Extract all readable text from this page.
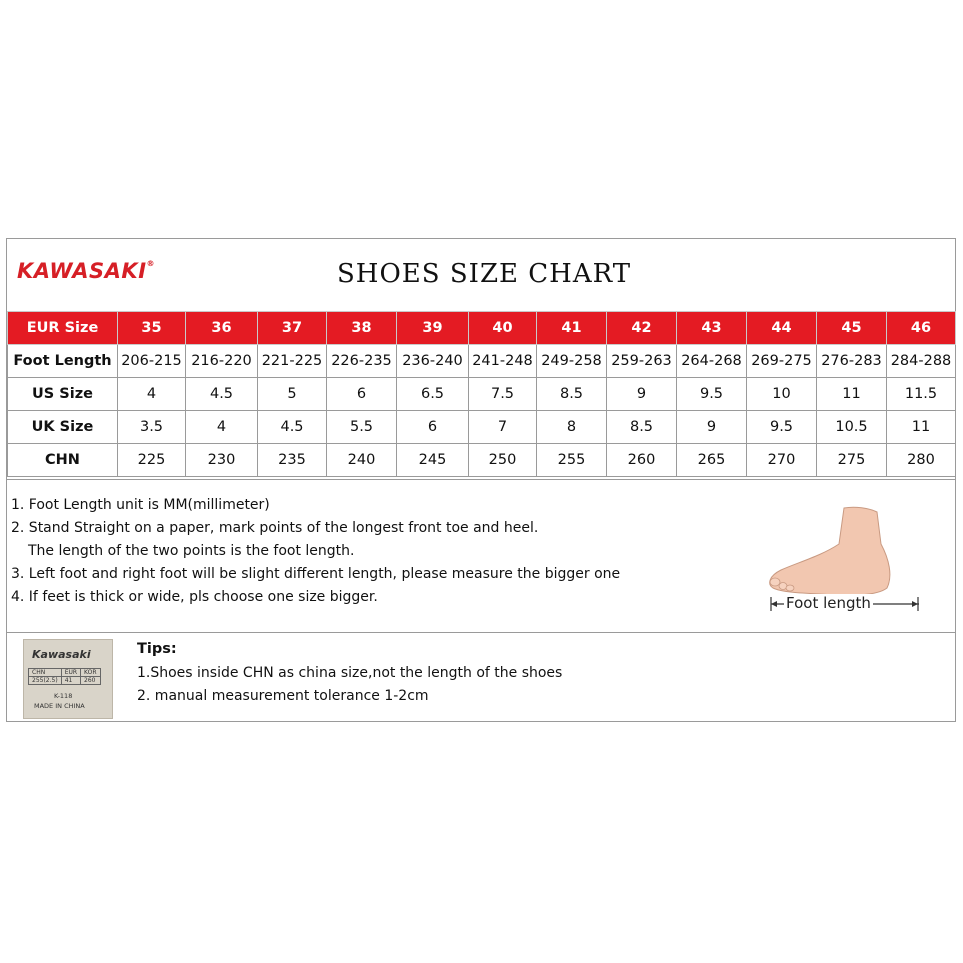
KAWASAKI®	SHOES SIZE CHART
EUR Size	35	36	37	38	39	40	41	42	43	44	45	46
Foot Length	206-215	216-220	221-225	226-235	236-240	241-248	249-258	259-263	264-268	269-275	276-283	284-288
US Size	4	4.5	5	6	6.5	7.5	8.5	9	9.5	10	11	11.5
UK Size	3.5	4	4.5	5.5	6	7	8	8.5	9	9.5	10.5	11
CHN	225	230	235	240	245	250	255	260	265	270	275	280
1. Foot Length unit is MM(millimeter)
2. Stand Straight on a paper, mark points of the longest front toe and heel.
The length of the two points is the foot length.
3. Left foot and right foot will be slight different length, please measure the bigger one
4. If feet is thick or wide, pls choose one size bigger.	Foot length
Kawasaki
CHN	EUR	KOR
255(2.5)	41	260
K-118
MADE IN CHINA
Tips:
1.Shoes inside CHN as china size,not the length of the shoes
2. manual measurement tolerance 1-2cm
